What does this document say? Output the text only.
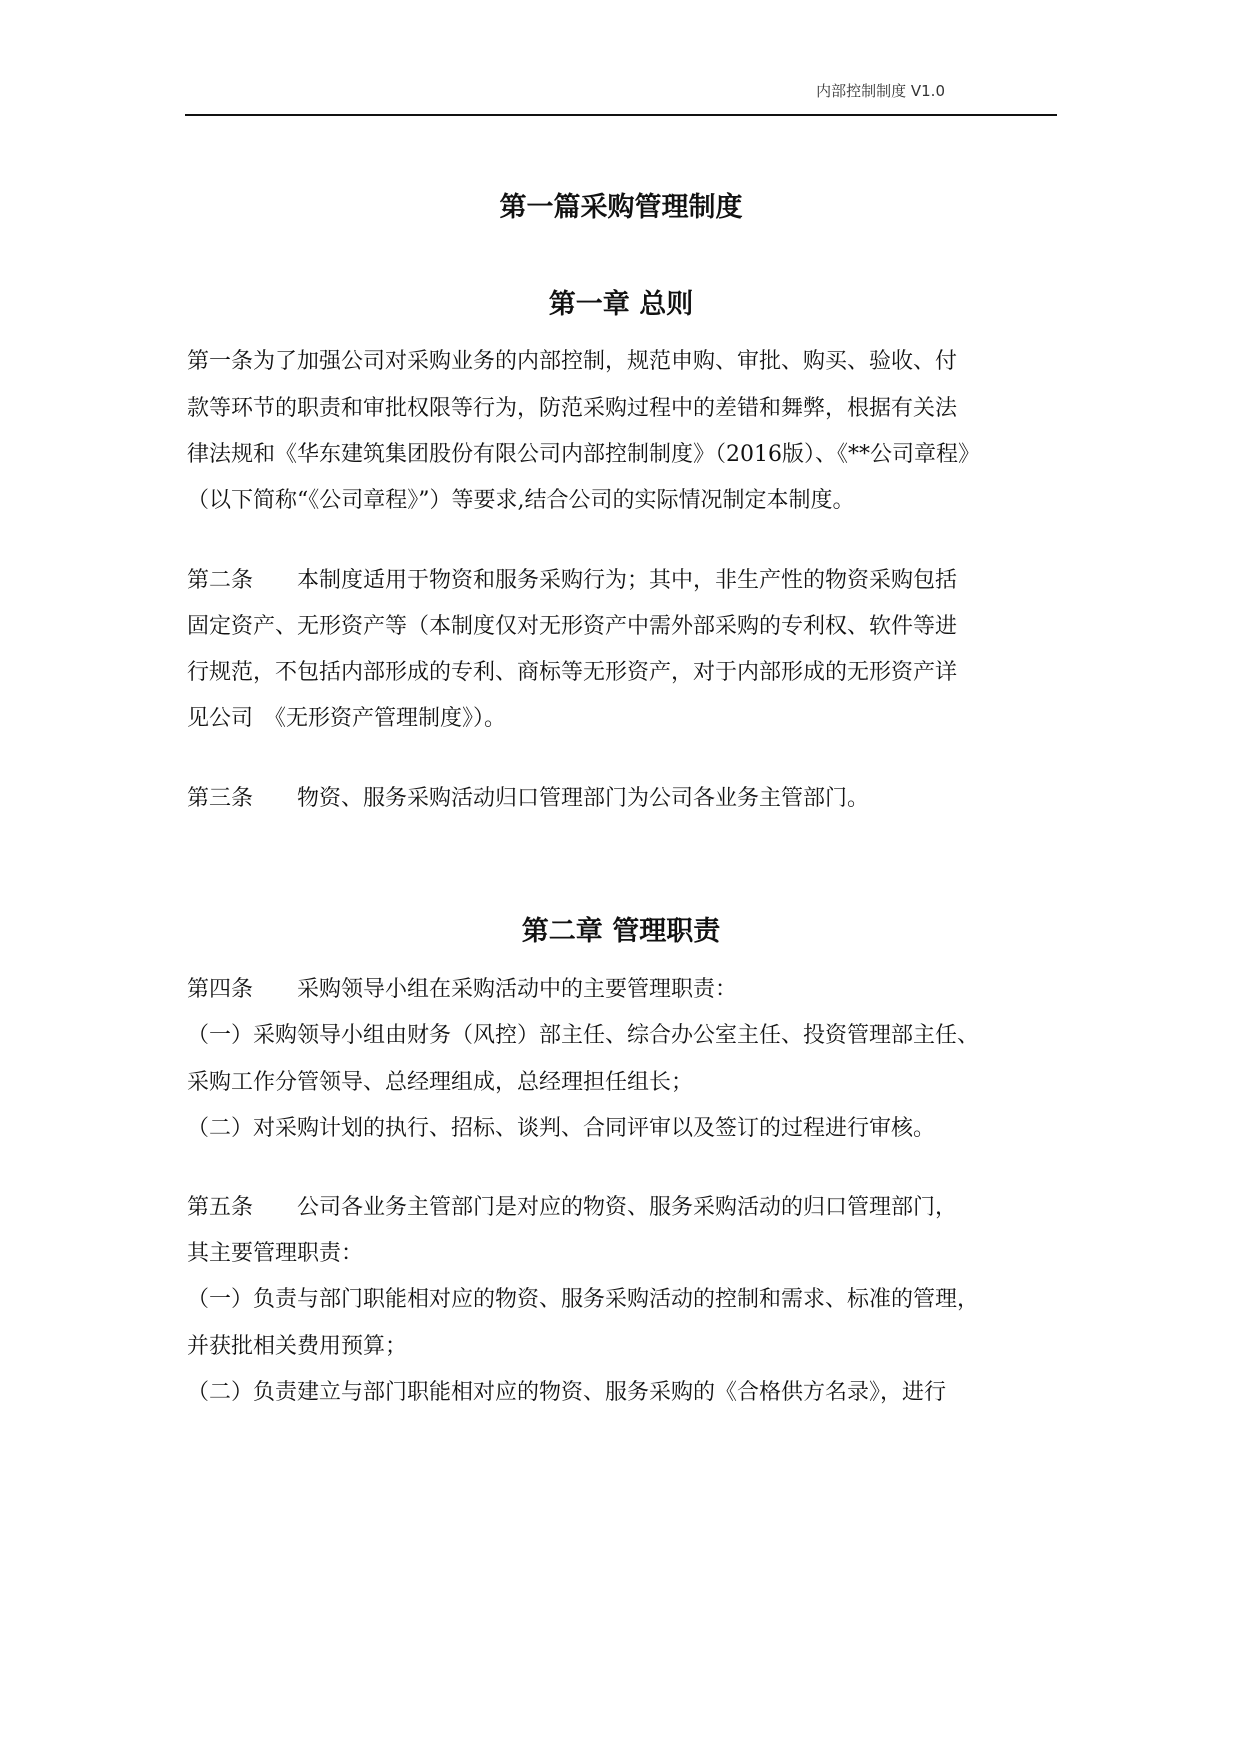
内部控制制度 V1.0
第一篇采购管理制度
第一章 总则
第一条为了加强公司对采购业务的内部控制，规范申购、审批、购买、验收、付
款等环节的职责和审批权限等行为，防范采购过程中的差错和舞弊，根据有关法
律法规和《华东建筑集团股份有限公司内部控制制度》（2016版）、《**公司章程》
（以下简称“《公司章程》”）等要求,结合公司的实际情况制定本制度。
第二条　　本制度适用于物资和服务采购行为；其中，非生产性的物资采购包括
固定资产、无形资产等（本制度仅对无形资产中需外部采购的专利权、软件等进
行规范，不包括内部形成的专利、商标等无形资产，对于内部形成的无形资产详
见公司　《无形资产管理制度》）。
第三条　　物资、服务采购活动归口管理部门为公司各业务主管部门。
第二章 管理职责
第四条　　采购领导小组在采购活动中的主要管理职责：
（一）采购领导小组由财务（风控）部主任、综合办公室主任、投资管理部主任、
采购工作分管领导、总经理组成，总经理担任组长；
（二）对采购计划的执行、招标、谈判、合同评审以及签订的过程进行审核。
第五条　　公司各业务主管部门是对应的物资、服务采购活动的归口管理部门，
其主要管理职责：
（一）负责与部门职能相对应的物资、服务采购活动的控制和需求、标准的管理，
并获批相关费用预算；
（二）负责建立与部门职能相对应的物资、服务采购的《合格供方名录》，进行
